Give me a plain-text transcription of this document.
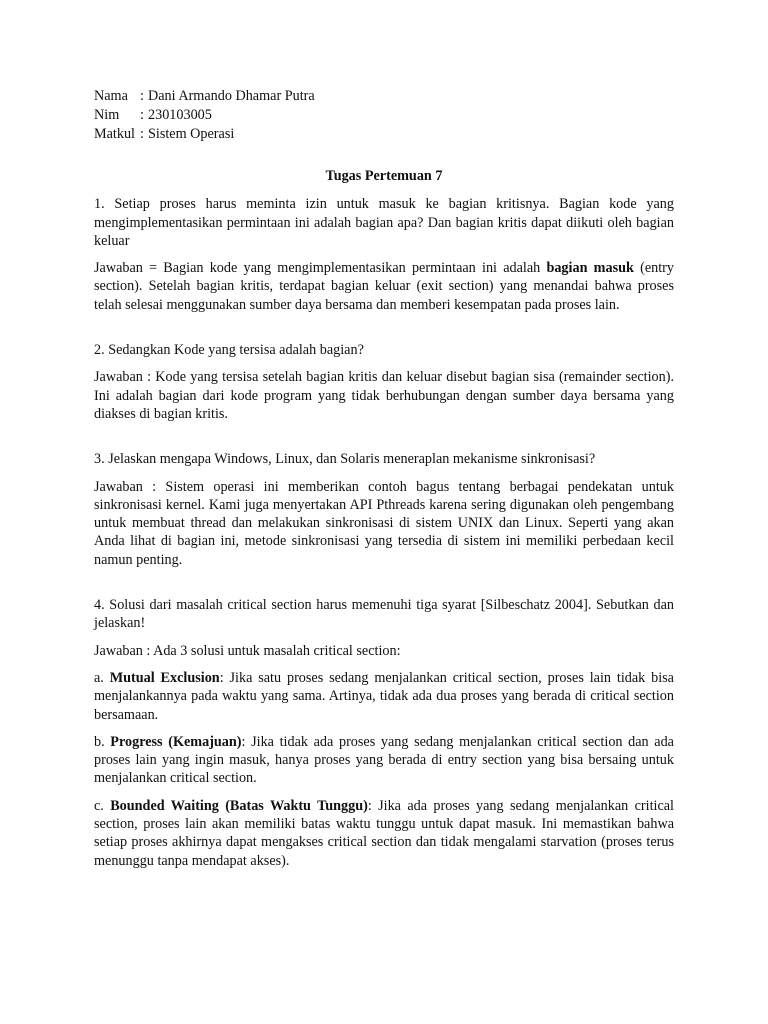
Nama : Dani Armando Dhamar Putra
Nim	: 230103005
Matkul : Sistem Operasi
Tugas Pertemuan 7

1. Setiap proses harus meminta izin untuk masuk ke bagian kritisnya. Bagian kode yang mengimplementasikan permintaan ini adalah bagian apa? Dan bagian kritis dapat diikuti oleh bagian keluar

Jawaban = Bagian kode yang mengimplementasikan permintaan ini adalah bagian masuk (entry section). Setelah bagian kritis, terdapat bagian keluar (exit section) yang menandai bahwa proses telah selesai menggunakan sumber daya bersama dan memberi kesempatan pada proses lain.

2. Sedangkan Kode yang tersisa adalah bagian?

Jawaban : Kode yang tersisa setelah bagian kritis dan keluar disebut bagian sisa (remainder section). Ini adalah bagian dari kode program yang tidak berhubungan dengan sumber daya bersama yang diakses di bagian kritis.

3. Jelaskan mengapa Windows, Linux, dan Solaris meneraplan mekanisme sinkronisasi?

Jawaban : Sistem operasi ini memberikan contoh bagus tentang berbagai pendekatan untuk sinkronisasi kernel. Kami juga menyertakan API Pthreads karena sering digunakan oleh pengembang untuk membuat thread dan melakukan sinkronisasi di sistem UNIX dan Linux. Seperti yang akan Anda lihat di bagian ini, metode sinkronisasi yang tersedia di sistem ini memiliki perbedaan kecil namun penting.

4. Solusi dari masalah critical section harus memenuhi tiga syarat [Silbeschatz 2004]. Sebutkan dan jelaskan!

Jawaban : Ada 3 solusi untuk masalah critical section:

a. Mutual Exclusion: Jika satu proses sedang menjalankan critical section, proses lain tidak bisa menjalankannya pada waktu yang sama. Artinya, tidak ada dua proses yang berada di critical section bersamaan.

b. Progress (Kemajuan): Jika tidak ada proses yang sedang menjalankan critical section dan ada proses lain yang ingin masuk, hanya proses yang berada di entry section yang bisa bersaing untuk menjalankan critical section.

c. Bounded Waiting (Batas Waktu Tunggu): Jika ada proses yang sedang menjalankan critical section, proses lain akan memiliki batas waktu tunggu untuk dapat masuk. Ini memastikan bahwa setiap proses akhirnya dapat mengakses critical section dan tidak mengalami starvation (proses terus menunggu tanpa mendapat akses).
